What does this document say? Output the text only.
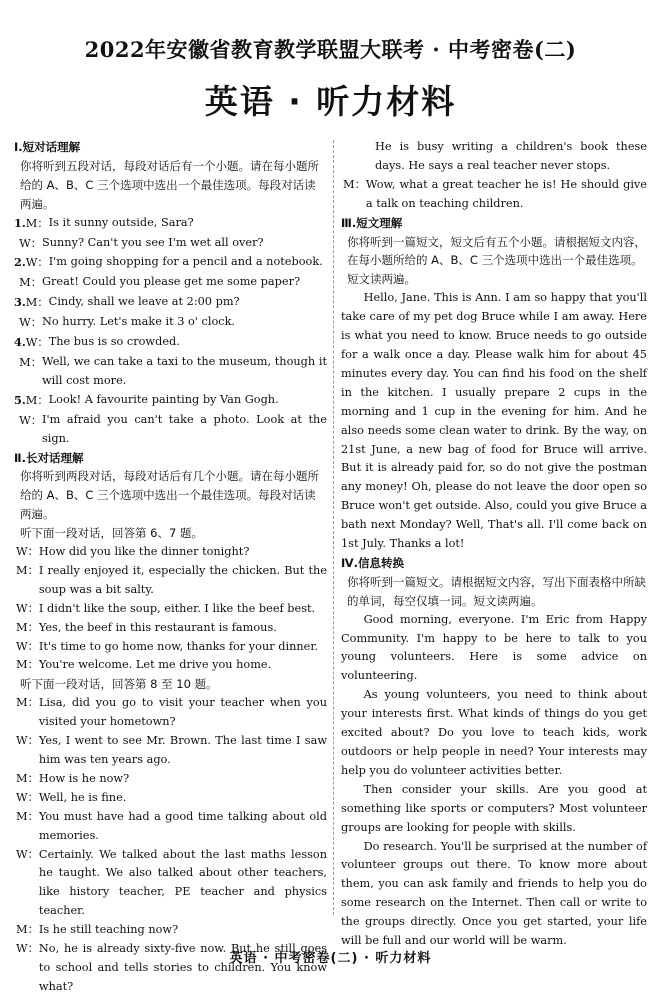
2022年安徽省教育教学联盟大联考 · 中考密卷(二)
英语 · 听力材料

Ⅰ.短对话理解

你将听到五段对话，每段对话后有一个小题。请在每小题所给的 A、B、C 三个选项中选出一个最佳选项。每段对话读两遍。

1.M： Is it sunny outside, Sara?
W： Sunny? Can't you see I'm wet all over?
2.W： I'm going shopping for a pencil and a notebook.
M： Great! Could you please get me some paper?
3.M： Cindy, shall we leave at 2:00 pm?
W： No hurry. Let's make it 3 o' clock.
4.W： The bus is so crowded.
M： Well, we can take a taxi to the museum, though it will cost more.
5.M： Look! A favourite painting by Van Gogh.
W： I'm afraid you can't take a photo. Look at the sign.

Ⅱ.长对话理解

你将听到两段对话，每段对话后有几个小题。请在每小题所给的 A、B、C 三个选项中选出一个最佳选项。每段对话读两遍。

听下面一段对话，回答第 6、7 题。

W： How did you like the dinner tonight?
M： I really enjoyed it, especially the chicken. But the soup was a bit salty.
W： I didn't like the soup, either. I like the beef best.
M： Yes, the beef in this restaurant is famous.
W： It's time to go home now, thanks for your dinner.
M： You're welcome. Let me drive you home.

听下面一段对话，回答第 8 至 10 题。

M： Lisa, did you go to visit your teacher when you visited your hometown?
W： Yes, I went to see Mr. Brown. The last time I saw him was ten years ago.
M： How is he now?
W： Well, he is fine.
M： You must have had a good time talking about old memories.
W： Certainly. We talked about the last maths lesson he taught. We also talked about other teachers, like history teacher, PE teacher and physics teacher.
M： Is he still teaching now?
W： No, he is already sixty-five now. But he still goes to school and tells stories to children. You know what?

He is busy writing a children's book these days. He says a real teacher never stops.

M： Wow, what a great teacher he is! He should give a talk on teaching children.

Ⅲ.短文理解

你将听到一篇短文，短文后有五个小题。请根据短文内容，在每小题所给的 A、B、C 三个选项中选出一个最佳选项。短文读两遍。

Hello, Jane. This is Ann. I am so happy that you'll take care of my pet dog Bruce while I am away. Here is what you need to know. Bruce needs to go outside for a walk once a day. Please walk him for about 45 minutes every day. You can find his food on the shelf in the kitchen. I usually prepare 2 cups in the morning and 1 cup in the evening for him. And he also needs some clean water to drink. By the way, on 21st June, a new bag of food for Bruce will arrive. But it is already paid for, so do not give the postman any money! Oh, please do not leave the door open so Bruce won't get outside. Also, could you give Bruce a bath next Monday? Well, That's all. I'll come back on 1st July. Thanks a lot!

Ⅳ.信息转换

你将听到一篇短文。请根据短文内容，写出下面表格中所缺的单词，每空仅填一词。短文读两遍。

Good morning, everyone. I'm Eric from Happy Community. I'm happy to be here to talk to you young volunteers. Here is some advice on volunteering.

As young volunteers, you need to think about your interests first. What kinds of things do you get excited about? Do you love to teach kids, work outdoors or help people in need? Your interests may help you do volunteer activities better.

Then consider your skills. Are you good at something like sports or computers? Most volunteer groups are looking for people with skills.

Do research. You'll be surprised at the number of volunteer groups out there. To know more about them, you can ask family and friends to help you do some research on the Internet. Then call or write to the groups directly. Once you get started, your life will be full and our world will be warm.

英语 · 中考密卷(二) · 听力材料
